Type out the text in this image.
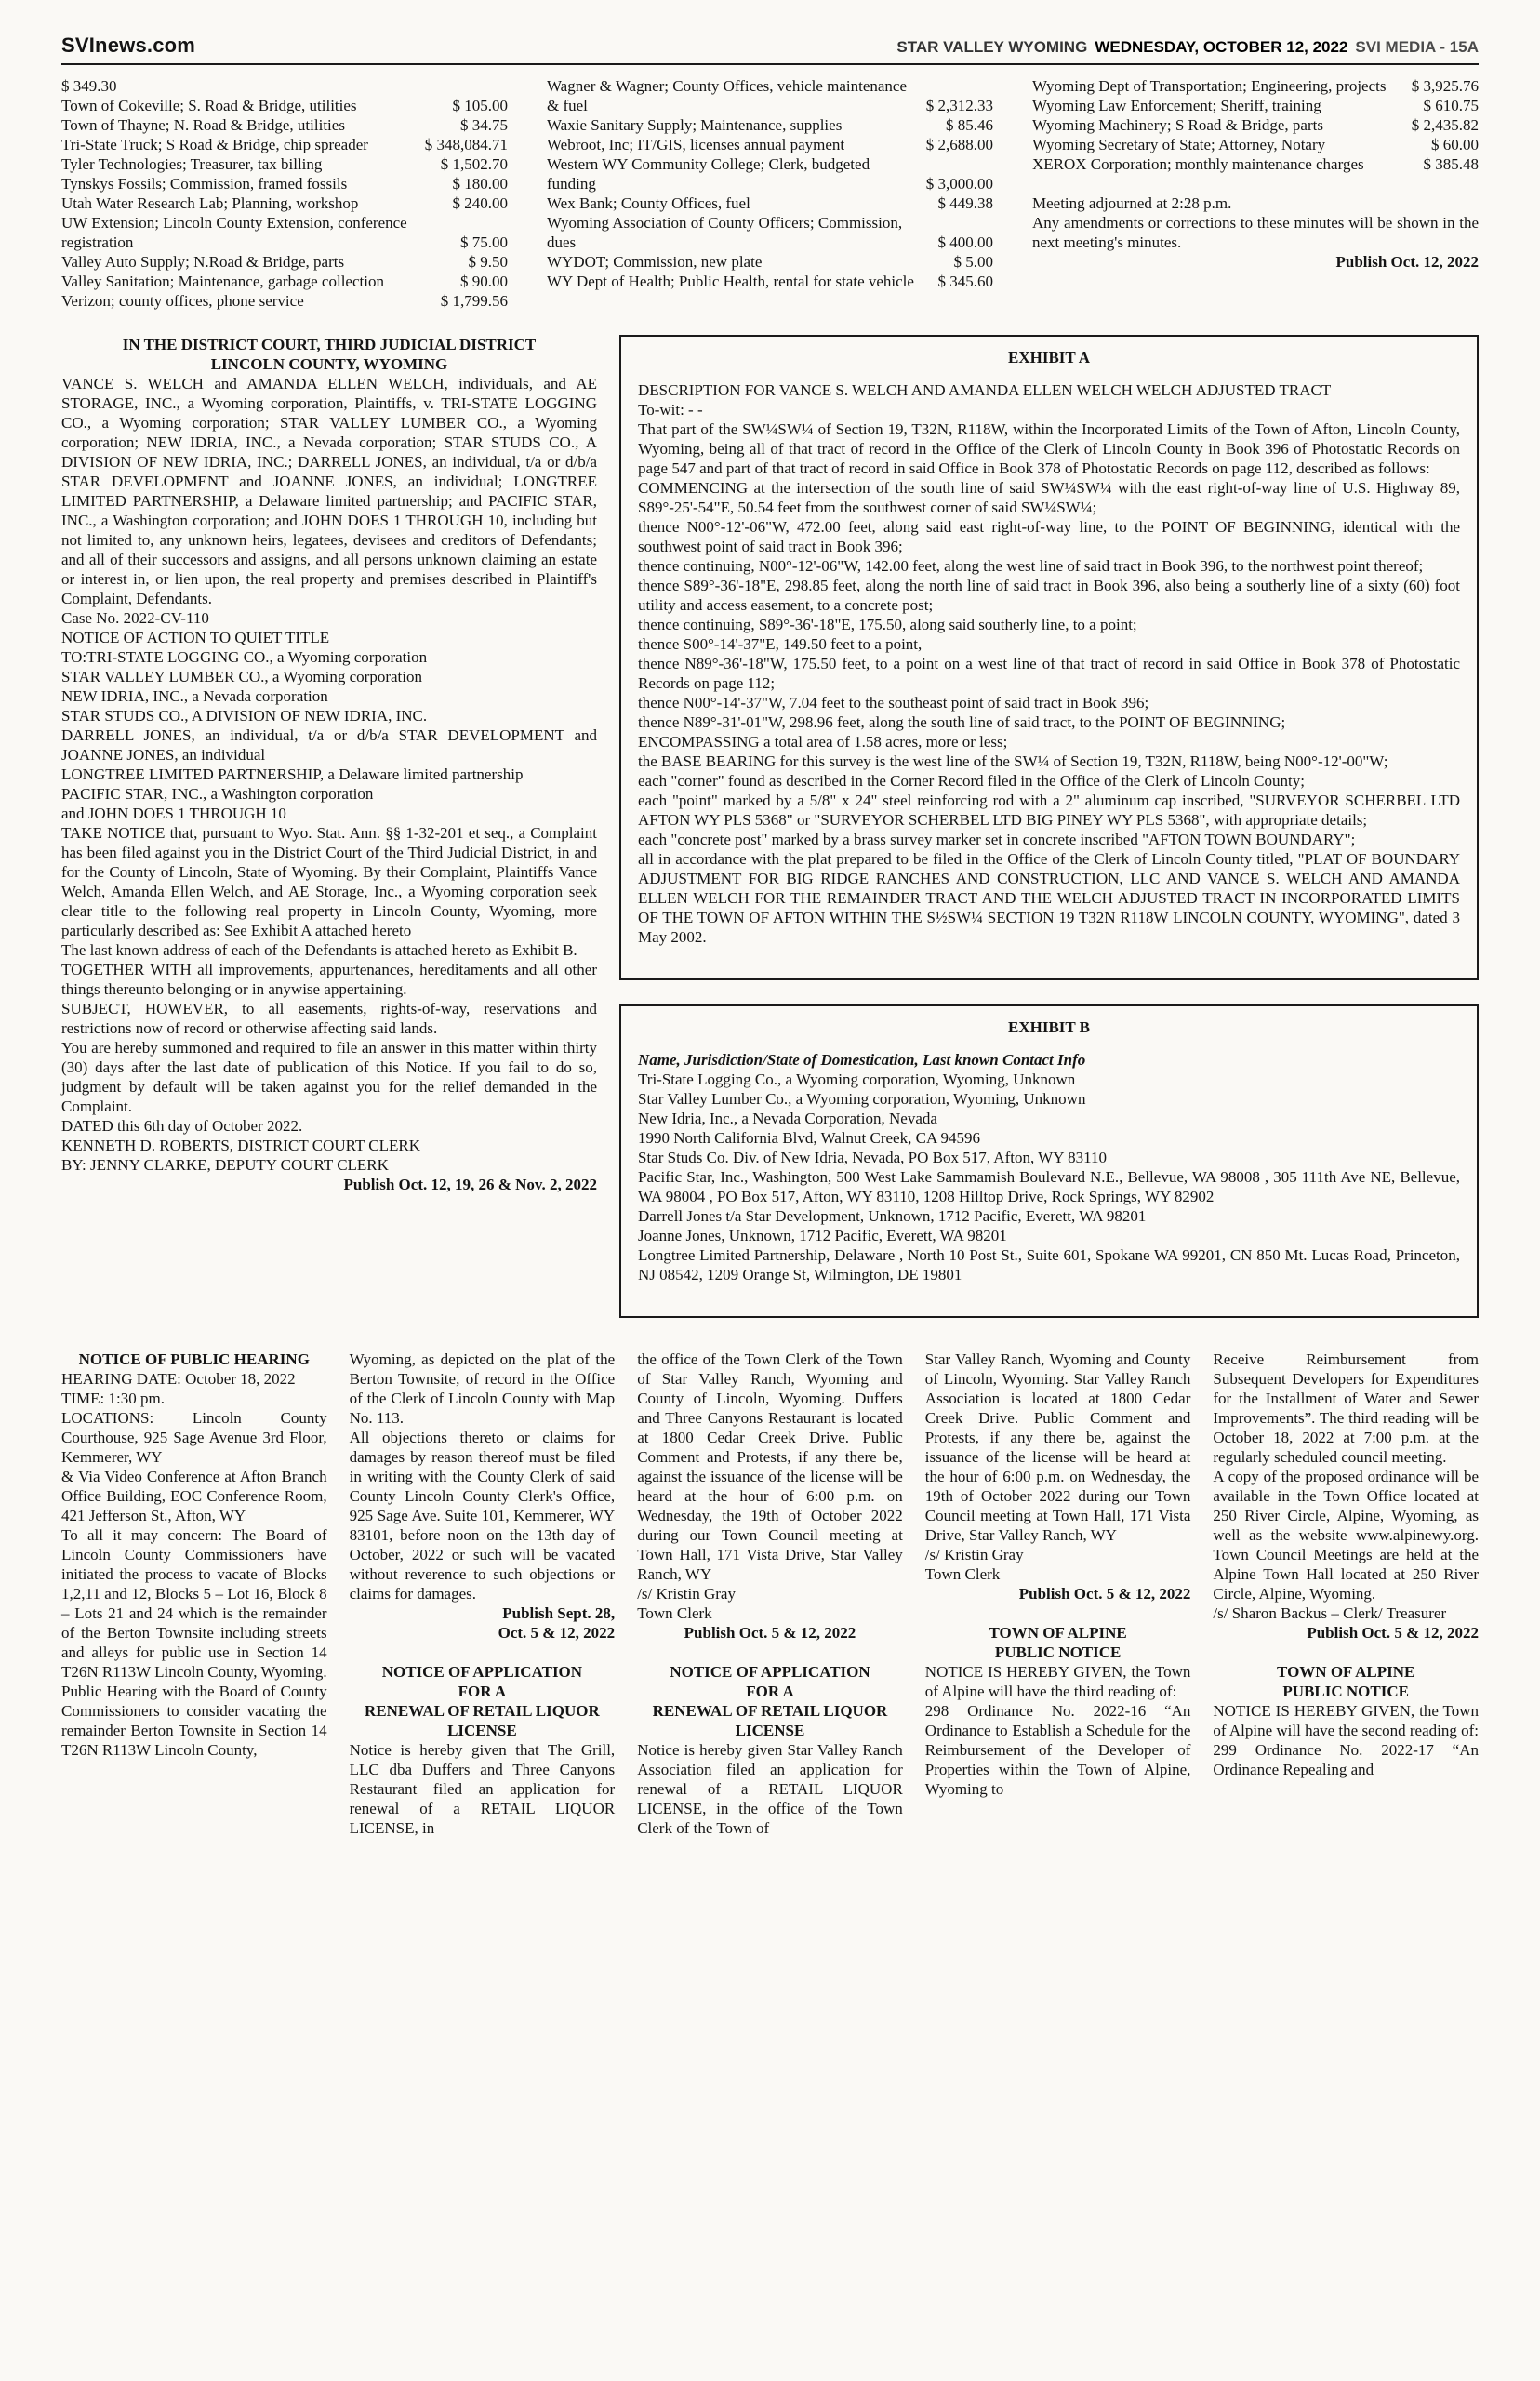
SVInews.com	STAR VALLEY WYOMING WEDNESDAY, OCTOBER 12, 2022 SVI MEDIA - 15A
$ 349.30
Town of Cokeville; S. Road & Bridge, utilities	$ 105.00
Town of Thayne; N. Road & Bridge, utilities	$ 34.75
Tri-State Truck; S Road & Bridge, chip spreader	$ 348,084.71
Tyler Technologies; Treasurer, tax billing	$ 1,502.70
Tynskys Fossils; Commission, framed fossils	$ 180.00
Utah Water Research Lab; Planning, workshop	$ 240.00
UW Extension; Lincoln County Extension, conference registration	$ 75.00
Valley Auto Supply; N.Road & Bridge, parts	$ 9.50
Valley Sanitation; Maintenance, garbage collection	$ 90.00
Verizon; county offices, phone service	$ 1,799.56
Wagner & Wagner; County Offices, vehicle maintenance & fuel	$ 2,312.33
Waxie Sanitary Supply; Maintenance, supplies	$ 85.46
Webroot, Inc; IT/GIS, licenses annual payment	$ 2,688.00
Western WY Community College; Clerk, budgeted funding	$ 3,000.00
Wex Bank; County Offices, fuel	$ 449.38
Wyoming Association of County Officers; Commission, dues	$ 400.00
WYDOT; Commission, new plate	$ 5.00
WY Dept of Health; Public Health, rental for state vehicle	$ 345.60
Wyoming Dept of Transportation; Engineering, projects	$ 3,925.76
Wyoming Law Enforcement; Sheriff, training	$ 610.75
Wyoming Machinery; S Road & Bridge, parts	$ 2,435.82
Wyoming Secretary of State; Attorney, Notary	$ 60.00
XEROX Corporation; monthly maintenance charges	$ 385.48
Meeting adjourned at 2:28 p.m.
Any amendments or corrections to these minutes will be shown in the next meeting's minutes.
Publish Oct. 12, 2022
IN THE DISTRICT COURT, THIRD JUDICIAL DISTRICT
LINCOLN COUNTY, WYOMING
VANCE S. WELCH and AMANDA ELLEN WELCH, individuals, and AE STORAGE, INC., a Wyoming corporation, Plaintiffs, v. TRI-STATE LOGGING CO., a Wyoming corporation; STAR VALLEY LUMBER CO., a Wyoming corporation; NEW IDRIA, INC., a Nevada corporation; STAR STUDS CO., A DIVISION OF NEW IDRIA, INC.; DARRELL JONES, an individual, t/a or d/b/a STAR DEVELOPMENT and JOANNE JONES, an individual; LONGTREE LIMITED PARTNERSHIP, a Delaware limited partnership; and PACIFIC STAR, INC., a Washington corporation; and JOHN DOES 1 THROUGH 10, including but not limited to, any unknown heirs, legatees, devisees and creditors of Defendants; and all of their successors and assigns, and all persons unknown claiming an estate or interest in, or lien upon, the real property and premises described in Plaintiff's Complaint, Defendants.
Case No. 2022-CV-110
NOTICE OF ACTION TO QUIET TITLE
TO:TRI-STATE LOGGING CO., a Wyoming corporation
STAR VALLEY LUMBER CO., a Wyoming corporation
NEW IDRIA, INC., a Nevada corporation
STAR STUDS CO., A DIVISION OF NEW IDRIA, INC.
DARRELL JONES, an individual, t/a or d/b/a STAR DEVELOPMENT and JOANNE JONES, an individual
LONGTREE LIMITED PARTNERSHIP, a Delaware limited partnership
PACIFIC STAR, INC., a Washington corporation
and JOHN DOES 1 THROUGH 10
TAKE NOTICE that, pursuant to Wyo. Stat. Ann. §§ 1-32-201 et seq., a Complaint has been filed against you in the District Court of the Third Judicial District, in and for the County of Lincoln, State of Wyoming. By their Complaint, Plaintiffs Vance Welch, Amanda Ellen Welch, and AE Storage, Inc., a Wyoming corporation seek clear title to the following real property in Lincoln County, Wyoming, more particularly described as: See Exhibit A attached hereto
The last known address of each of the Defendants is attached hereto as Exhibit B.
TOGETHER WITH all improvements, appurtenances, hereditaments and all other things thereunto belonging or in anywise appertaining.
SUBJECT, HOWEVER, to all easements, rights-of-way, reservations and restrictions now of record or otherwise affecting said lands.
You are hereby summoned and required to file an answer in this matter within thirty (30) days after the last date of publication of this Notice. If you fail to do so, judgment by default will be taken against you for the relief demanded in the Complaint.
DATED this 6th day of October 2022.
KENNETH D. ROBERTS, DISTRICT COURT CLERK
BY: JENNY CLARKE, DEPUTY COURT CLERK
Publish Oct. 12, 19, 26 & Nov. 2, 2022
EXHIBIT A
DESCRIPTION FOR VANCE S. WELCH AND AMANDA ELLEN WELCH WELCH ADJUSTED TRACT
To-wit: - -
That part of the SW¼SW¼ of Section 19, T32N, R118W, within the Incorporated Limits of the Town of Afton, Lincoln County, Wyoming, being all of that tract of record in the Office of the Clerk of Lincoln County in Book 396 of Photostatic Records on page 547 and part of that tract of record in said Office in Book 378 of Photostatic Records on page 112, described as follows:
COMMENCING at the intersection of the south line of said SW¼SW¼ with the east right-of-way line of U.S. Highway 89, S89°-25'-54"E, 50.54 feet from the southwest corner of said SW¼SW¼;
thence N00°-12'-06"W, 472.00 feet, along said east right-of-way line, to the POINT OF BEGINNING, identical with the southwest point of said tract in Book 396;
thence continuing, N00°-12'-06"W, 142.00 feet, along the west line of said tract in Book 396, to the northwest point thereof;
thence S89°-36'-18"E, 298.85 feet, along the north line of said tract in Book 396, also being a southerly line of a sixty (60) foot utility and access easement, to a concrete post;
thence continuing, S89°-36'-18"E, 175.50, along said southerly line, to a point;
thence S00°-14'-37"E, 149.50 feet to a point,
thence N89°-36'-18"W, 175.50 feet, to a point on a west line of that tract of record in said Office in Book 378 of Photostatic Records on page 112;
thence N00°-14'-37"W, 7.04 feet to the southeast point of said tract in Book 396;
thence N89°-31'-01"W, 298.96 feet, along the south line of said tract, to the POINT OF BEGINNING;
ENCOMPASSING a total area of 1.58 acres, more or less;
the BASE BEARING for this survey is the west line of the SW¼ of Section 19, T32N, R118W, being N00°-12'-00"W;
each "corner" found as described in the Corner Record filed in the Office of the Clerk of Lincoln County;
each "point" marked by a 5/8" x 24" steel reinforcing rod with a 2" aluminum cap inscribed, "SURVEYOR SCHERBEL LTD AFTON WY PLS 5368" or "SURVEYOR SCHERBEL LTD BIG PINEY WY PLS 5368", with appropriate details;
each "concrete post" marked by a brass survey marker set in concrete inscribed "AFTON TOWN BOUNDARY";
all in accordance with the plat prepared to be filed in the Office of the Clerk of Lincoln County titled, "PLAT OF BOUNDARY ADJUSTMENT FOR BIG RIDGE RANCHES AND CONSTRUCTION, LLC AND VANCE S. WELCH AND AMANDA ELLEN WELCH FOR THE REMAINDER TRACT AND THE WELCH ADJUSTED TRACT IN INCORPORATED LIMITS OF THE TOWN OF AFTON WITHIN THE S½SW¼ SECTION 19 T32N R118W LINCOLN COUNTY, WYOMING", dated 3 May 2002.
EXHIBIT B
Name, Jurisdiction/State of Domestication, Last known Contact Info
Tri-State Logging Co., a Wyoming corporation, Wyoming, Unknown
Star Valley Lumber Co., a Wyoming corporation, Wyoming, Unknown
New Idria, Inc., a Nevada Corporation, Nevada
1990 North California Blvd, Walnut Creek, CA 94596
Star Studs Co. Div. of New Idria, Nevada, PO Box 517, Afton, WY 83110
Pacific Star, Inc., Washington, 500 West Lake Sammamish Boulevard N.E., Bellevue, WA 98008 , 305 111th Ave NE, Bellevue, WA 98004 , PO Box 517, Afton, WY 83110, 1208 Hilltop Drive, Rock Springs, WY 82902
Darrell Jones t/a Star Development, Unknown, 1712 Pacific, Everett, WA 98201
Joanne Jones, Unknown, 1712 Pacific, Everett, WA 98201
Longtree Limited Partnership, Delaware , North 10 Post St., Suite 601, Spokane WA 99201, CN 850 Mt. Lucas Road, Princeton, NJ 08542, 1209 Orange St, Wilmington, DE 19801
NOTICE OF PUBLIC HEARING
HEARING DATE: October 18, 2022
TIME: 1:30 pm.
LOCATIONS: Lincoln County Courthouse, 925 Sage Avenue 3rd Floor, Kemmerer, WY
& Via Video Conference at Afton Branch Office Building, EOC Conference Room, 421 Jefferson St., Afton, WY
To all it may concern: The Board of Lincoln County Commissioners have initiated the process to vacate of Blocks 1,2,11 and 12, Blocks 5 – Lot 16, Block 8 – Lots 21 and 24 which is the remainder of the Berton Townsite including streets and alleys for public use in Section 14 T26N R113W Lincoln County, Wyoming.
Public Hearing with the Board of County Commissioners to consider vacating the remainder Berton Townsite in Section 14 T26N R113W Lincoln County,
Wyoming, as depicted on the plat of the Berton Townsite, of record in the Office of the Clerk of Lincoln County with Map No. 113.
All objections thereto or claims for damages by reason thereof must be filed in writing with the County Clerk of said County Lincoln County Clerk's Office, 925 Sage Ave. Suite 101, Kemmerer, WY 83101, before noon on the 13th day of October, 2022 or such will be vacated without reverence to such objections or claims for damages.
Publish Sept. 28,
Oct. 5 & 12, 2022
NOTICE OF APPLICATION
FOR A
RENEWAL OF RETAIL LIQUOR
LICENSE
Notice is hereby given that The Grill, LLC dba Duffers and Three Canyons Restaurant filed an application for renewal of a RETAIL LIQUOR LICENSE, in
the office of the Town Clerk of the Town of Star Valley Ranch, Wyoming and County of Lincoln, Wyoming. Duffers and Three Canyons Restaurant is located at 1800 Cedar Creek Drive. Public Comment and Protests, if any there be, against the issuance of the license will be heard at the hour of 6:00 p.m. on Wednesday, the 19th of October 2022 during our Town Council meeting at Town Hall, 171 Vista Drive, Star Valley Ranch, WY
/s/ Kristin Gray
Town Clerk
Publish Oct. 5 & 12, 2022
NOTICE OF APPLICATION
FOR A
RENEWAL OF RETAIL LIQUOR
LICENSE
Notice is hereby given Star Valley Ranch Association filed an application for renewal of a RETAIL LIQUOR LICENSE, in the office of the Town Clerk of the Town of
Star Valley Ranch, Wyoming and County of Lincoln, Wyoming. Star Valley Ranch Association is located at 1800 Cedar Creek Drive. Public Comment and Protests, if any there be, against the issuance of the license will be heard at the hour of 6:00 p.m. on Wednesday, the 19th of October 2022 during our Town Council meeting at Town Hall, 171 Vista Drive, Star Valley Ranch, WY
/s/ Kristin Gray
Town Clerk
Publish Oct. 5 & 12, 2022
TOWN OF ALPINE
PUBLIC NOTICE
NOTICE IS HEREBY GIVEN, the Town of Alpine will have the third reading of:
298 Ordinance No. 2022-16 “An Ordinance to Establish a Schedule for the Reimbursement of the Developer of Properties within the Town of Alpine, Wyoming to
Receive Reimbursement from Subsequent Developers for Expenditures for the Installment of Water and Sewer Improvements”. The third reading will be October 18, 2022 at 7:00 p.m. at the regularly scheduled council meeting.
A copy of the proposed ordinance will be available in the Town Office located at 250 River Circle, Alpine, Wyoming, as well as the website www.alpinewy.org. Town Council Meetings are held at the Alpine Town Hall located at 250 River Circle, Alpine, Wyoming.
/s/ Sharon Backus – Clerk/ Treasurer
Publish Oct. 5 & 12, 2022
TOWN OF ALPINE
PUBLIC NOTICE
NOTICE IS HEREBY GIVEN, the Town of Alpine will have the second reading of:
299 Ordinance No. 2022-17 “An Ordinance Repealing and
